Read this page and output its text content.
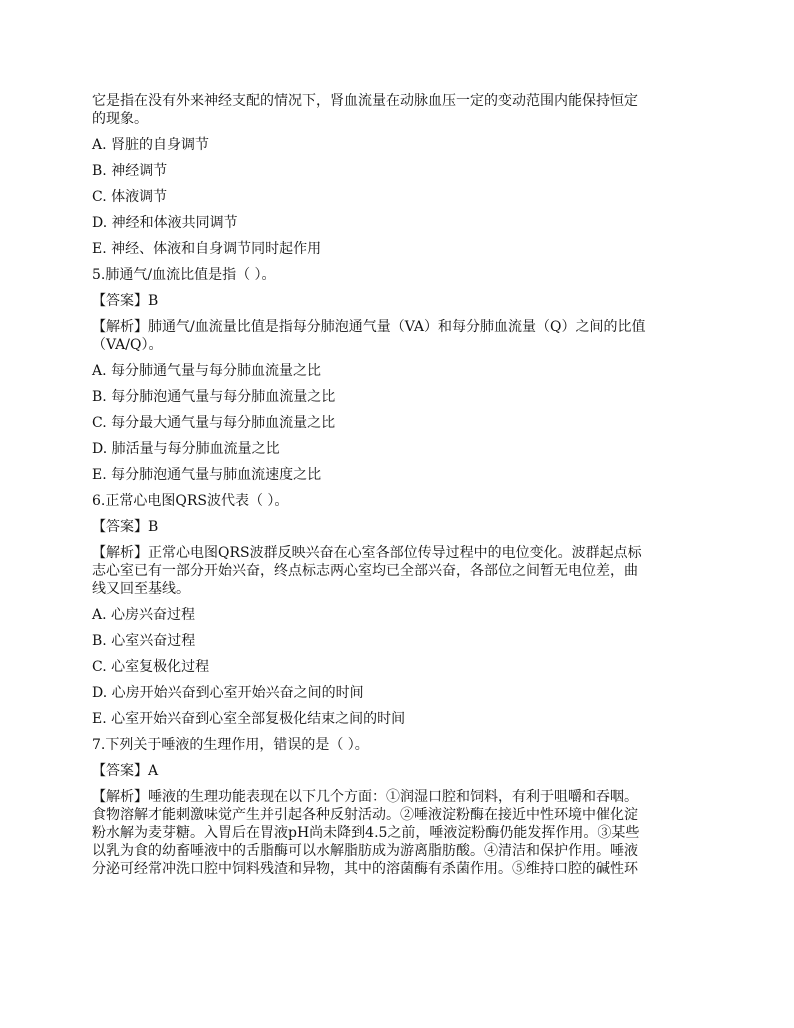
它是指在没有外来神经支配的情况下，肾血流量在动脉血压一定的变动范围内能保持恒定
的现象。
A. 肾脏的自身调节
B. 神经调节
C. 体液调节
D. 神经和体液共同调节
E. 神经、体液和自身调节同时起作用
5.肺通气/血流比值是指（ ）。
【答案】B
【解析】肺通气/血流量比值是指每分肺泡通气量（VA）和每分肺血流量（Q）之间的比值
（VA/Q）。
A. 每分肺通气量与每分肺血流量之比
B. 每分肺泡通气量与每分肺血流量之比
C. 每分最大通气量与每分肺血流量之比
D. 肺活量与每分肺血流量之比
E. 每分肺泡通气量与肺血流速度之比
6.正常心电图QRS波代表（ ）。
【答案】B
【解析】正常心电图QRS波群反映兴奋在心室各部位传导过程中的电位变化。波群起点标
志心室已有一部分开始兴奋，终点标志两心室均已全部兴奋，各部位之间暂无电位差，曲
线又回至基线。
A. 心房兴奋过程
B. 心室兴奋过程
C. 心室复极化过程
D. 心房开始兴奋到心室开始兴奋之间的时间
E. 心室开始兴奋到心室全部复极化结束之间的时间
7.下列关于唾液的生理作用，错误的是（ ）。
【答案】A
【解析】唾液的生理功能表现在以下几个方面：①润湿口腔和饲料，有利于咀嚼和吞咽。
食物溶解才能刺激味觉产生并引起各种反射活动。②唾液淀粉酶在接近中性环境中催化淀
粉水解为麦芽糖。入胃后在胃液pH尚未降到4.5之前，唾液淀粉酶仍能发挥作用。③某些
以乳为食的幼畜唾液中的舌脂酶可以水解脂肪成为游离脂肪酸。④清洁和保护作用。唾液
分泌可经常冲洗口腔中饲料残渣和异物，其中的溶菌酶有杀菌作用。⑤维持口腔的碱性环
